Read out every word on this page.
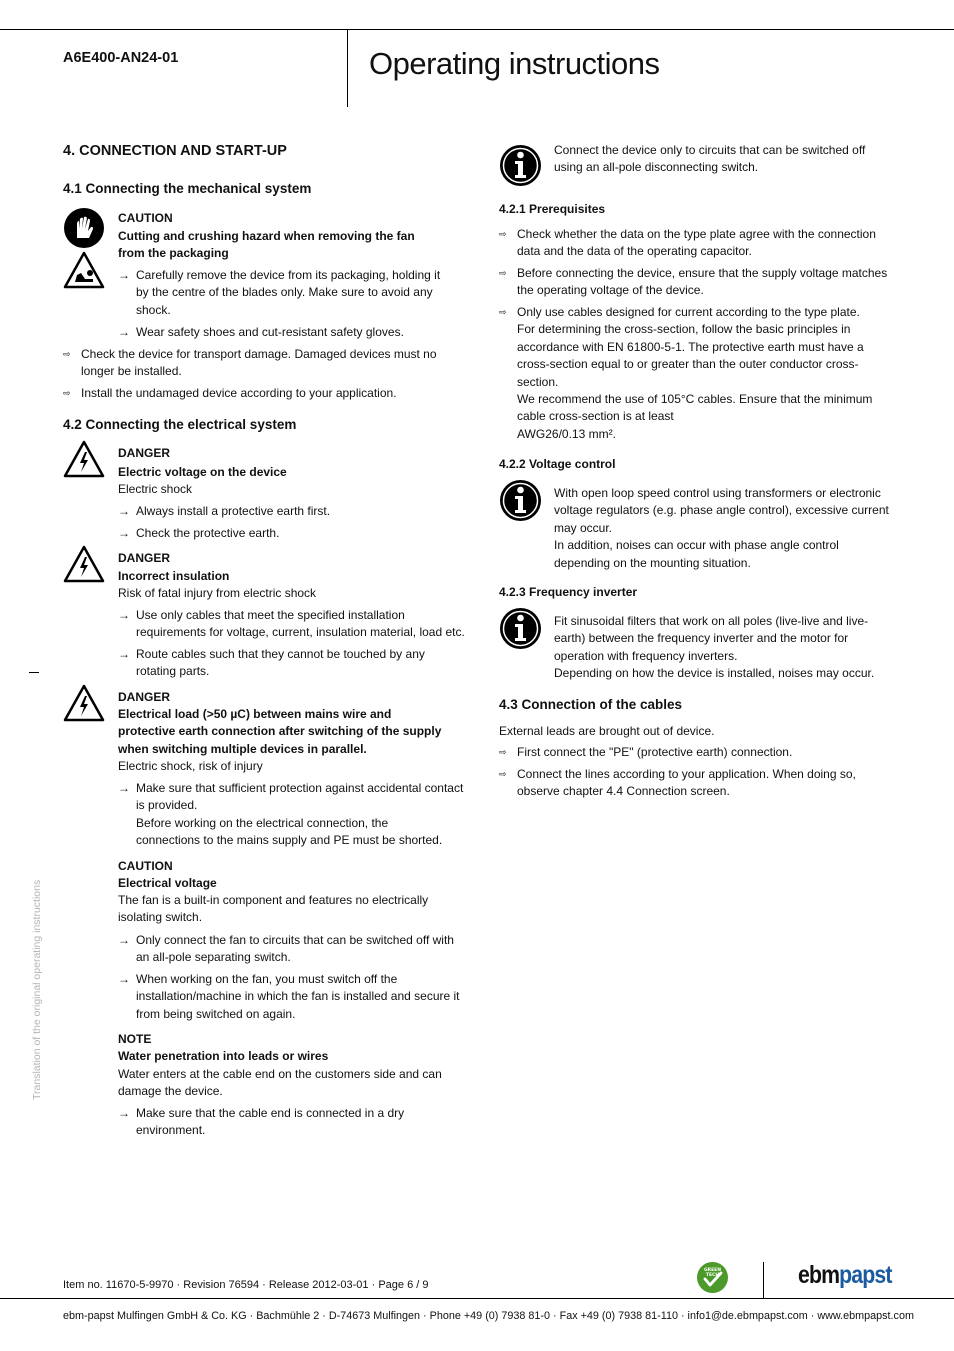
A6E400-AN24-01	Operating instructions
4. CONNECTION AND START-UP
4.1 Connecting the mechanical system
CAUTION
Cutting and crushing hazard when removing the fan
from the packaging
→ Carefully remove the device from its packaging, holding it
by the centre of the blades only. Make sure to avoid any
shock.
→ Wear safety shoes and cut-resistant safety gloves.
⇨ Check the device for transport damage. Damaged devices must no
longer be installed.
⇨ Install the undamaged device according to your application.
4.2 Connecting the electrical system
DANGER
Electric voltage on the device
Electric shock
→ Always install a protective earth first.
→ Check the protective earth.
DANGER
Incorrect insulation
Risk of fatal injury from electric shock
→ Use only cables that meet the specified installation
requirements for voltage, current, insulation material, load etc.
→ Route cables such that they cannot be touched by any
rotating parts.
DANGER
Electrical load (>50 µC) between mains wire and
protective earth connection after switching of the supply
when switching multiple devices in parallel.
Electric shock, risk of injury
→ Make sure that sufficient protection against accidental contact
is provided.
Before working on the electrical connection, the
connections to the mains supply and PE must be shorted.
CAUTION
Electrical voltage
The fan is a built-in component and features no electrically
isolating switch.
→ Only connect the fan to circuits that can be switched off with
an all-pole separating switch.
→ When working on the fan, you must switch off the
installation/machine in which the fan is installed and secure it
from being switched on again.
NOTE
Water penetration into leads or wires
Water enters at the cable end on the customers side and can
damage the device.
→ Make sure that the cable end is connected in a dry
environment.
Translation of the original operating instructions
Connect the device only to circuits that can be switched off
using an all-pole disconnecting switch.
4.2.1 Prerequisites
⇨ Check whether the data on the type plate agree with the connection
data and the data of the operating capacitor.
⇨ Before connecting the device, ensure that the supply voltage matches
the operating voltage of the device.
⇨ Only use cables designed for current according to the type plate.
For determining the cross-section, follow the basic principles in
accordance with EN 61800-5-1. The protective earth must have a
cross-section equal to or greater than the outer conductor cross-
section.
We recommend the use of 105°C cables. Ensure that the minimum
cable cross-section is at least
AWG26/0.13 mm².
4.2.2 Voltage control
With open loop speed control using transformers or electronic
voltage regulators (e.g. phase angle control), excessive current
may occur.
In addition, noises can occur with phase angle control
depending on the mounting situation.
4.2.3 Frequency inverter
Fit sinusoidal filters that work on all poles (live-live and live-
earth) between the frequency inverter and the motor for
operation with frequency inverters.
Depending on how the device is installed, noises may occur.
4.3 Connection of the cables
External leads are brought out of device.
⇨ First connect the "PE" (protective earth) connection.
⇨ Connect the lines according to your application. When doing so,
observe chapter 4.4 Connection screen.
Item no. 11670-5-9970 · Revision 76594 · Release 2012-03-01 · Page 6 / 9
GREEN
TECH	ebmpapst
ebm-papst Mulfingen GmbH & Co. KG · Bachmühle 2 · D-74673 Mulfingen · Phone +49 (0) 7938 81-0 · Fax +49 (0) 7938 81-110 · info1@de.ebmpapst.com · www.ebmpapst.com
